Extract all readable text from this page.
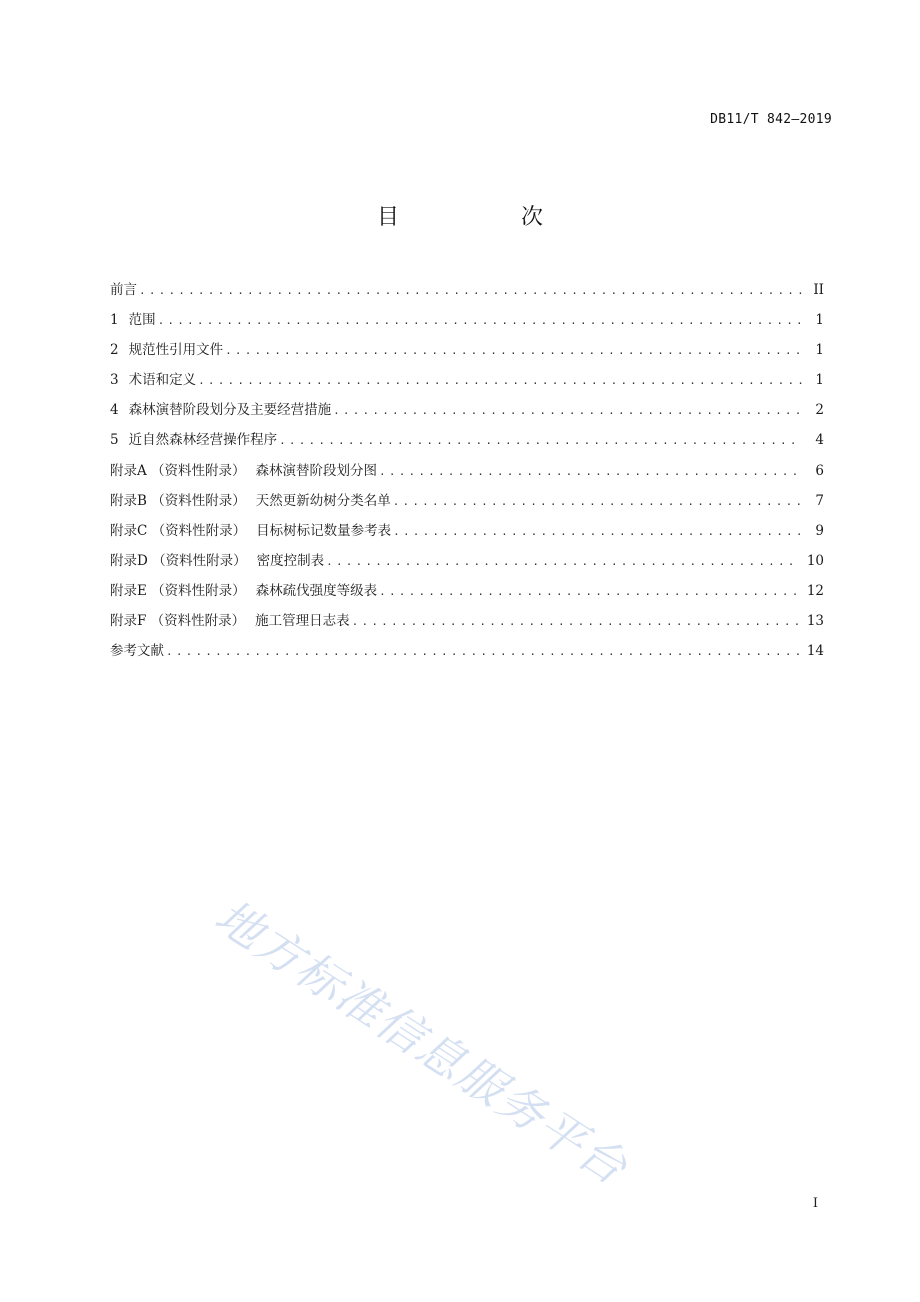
DB11/T 842—2019
目　次
前言 .....	II
1 范围 .....	1
2 规范性引用文件 .....	1
3 术语和定义 .....	1
4 森林演替阶段划分及主要经营措施 .....	2
5 近自然森林经营操作程序 .....	4
附录A （资料性附录） 森林演替阶段划分图 .....	6
附录B （资料性附录） 天然更新幼树分类名单 .....	7
附录C （资料性附录） 目标树标记数量参考表 .....	9
附录D （资料性附录） 密度控制表 .....	10
附录E （资料性附录） 森林疏伐强度等级表 .....	12
附录F （资料性附录） 施工管理日志表 .....	13
参考文献 .....	14
地方标准信息服务平台
I
